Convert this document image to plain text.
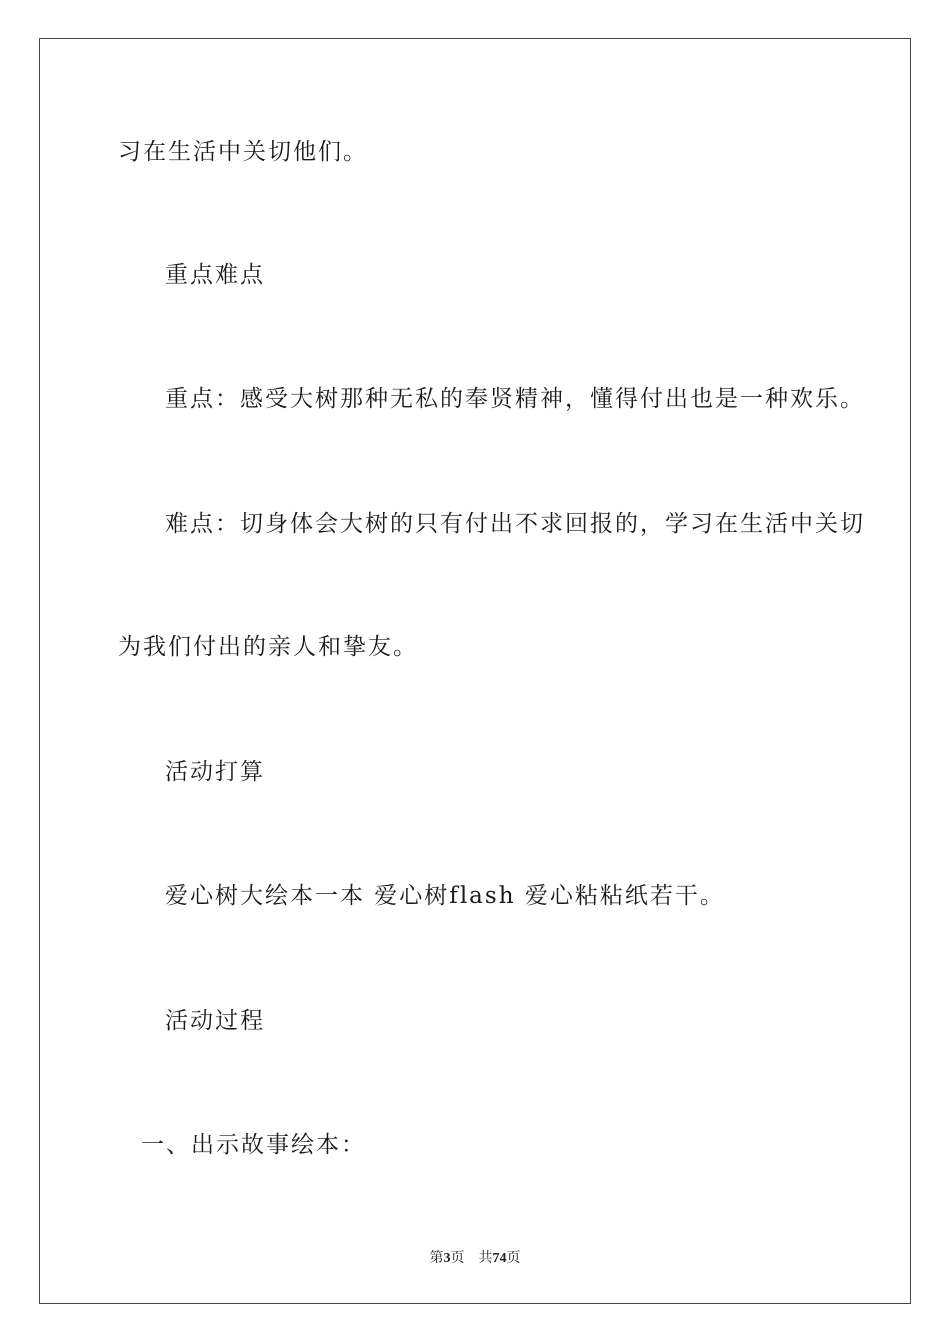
习在生活中关切他们。
重点难点
重点：感受大树那种无私的奉贤精神，懂得付出也是一种欢乐。
难点：切身体会大树的只有付出不求回报的，学习在生活中关切
为我们付出的亲人和挚友。
活动打算
爱心树大绘本一本 爱心树flash 爱心粘粘纸若干。
活动过程
一、出示故事绘本：
第3页 共74页
